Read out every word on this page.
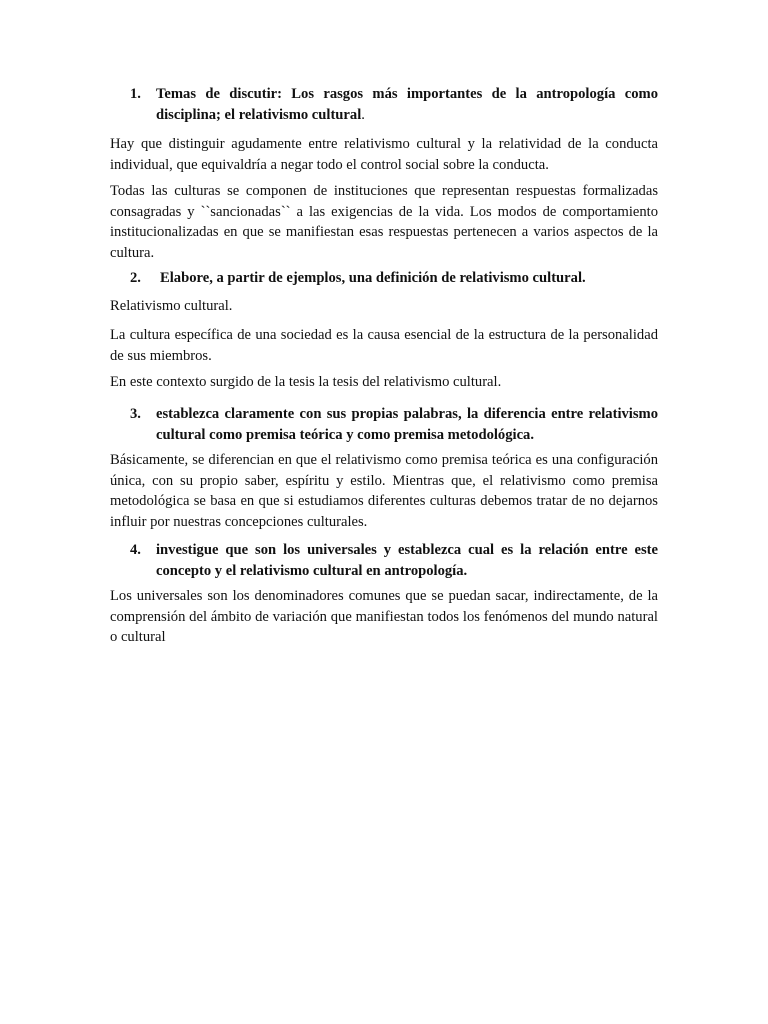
1. Temas de discutir: Los rasgos más importantes de la antropología como disciplina; el relativismo cultural.

Hay que distinguir agudamente entre relativismo cultural y la relatividad de la conducta individual, que equivaldría a negar todo el control social sobre la conducta.

Todas las culturas se componen de instituciones que representan respuestas formalizadas consagradas y ``sancionadas`` a las exigencias de la vida. Los modos de comportamiento institucionalizadas en que se manifiestan esas respuestas pertenecen a varios aspectos de la cultura.

2. Elabore, a partir de ejemplos, una definición de relativismo cultural.

Relativismo cultural.

La cultura específica de una sociedad es la causa esencial de la estructura de la personalidad de sus miembros.

En este contexto surgido de la tesis la tesis del relativismo cultural.

3. establezca claramente con sus propias palabras, la diferencia entre relativismo cultural como premisa teórica y como premisa metodológica.

Básicamente, se diferencian en que el relativismo como premisa teórica es una configuración única, con su propio saber, espíritu y estilo. Mientras que, el relativismo como premisa metodológica se basa en que si estudiamos diferentes culturas debemos tratar de no dejarnos influir por nuestras concepciones culturales.

4. investigue que son los universales y establezca cual es la relación entre este concepto y el relativismo cultural en antropología.

Los universales son los denominadores comunes que se puedan sacar, indirectamente, de la comprensión del ámbito de variación que manifiestan todos los fenómenos del mundo natural o cultural
